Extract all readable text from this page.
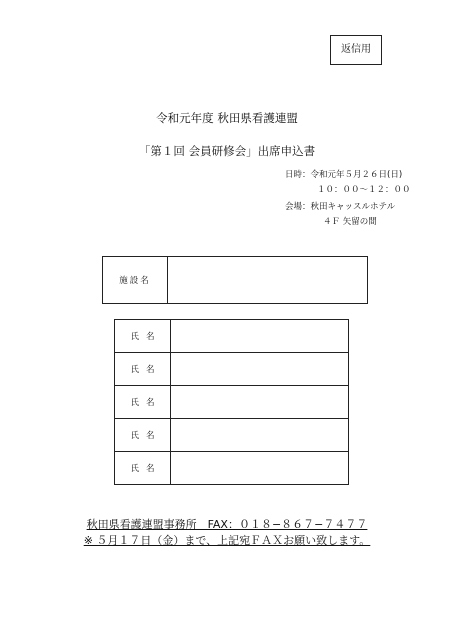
返信用
令和元年度 秋田県看護連盟
「第１回 会員研修会」出席申込書
日時：令和元年５月２６日(日)
１０：００〜１２：００
会場：秋田キャッスルホテル
４Ｆ 矢留の間
施設名
氏名	
氏名	
氏名	
氏名	
氏名	
秋田県看護連盟事務所　FAX：０１８−８６７−７４７７
※ ５月１７日（金）まで、上記宛ＦＡＸお願い致します。
